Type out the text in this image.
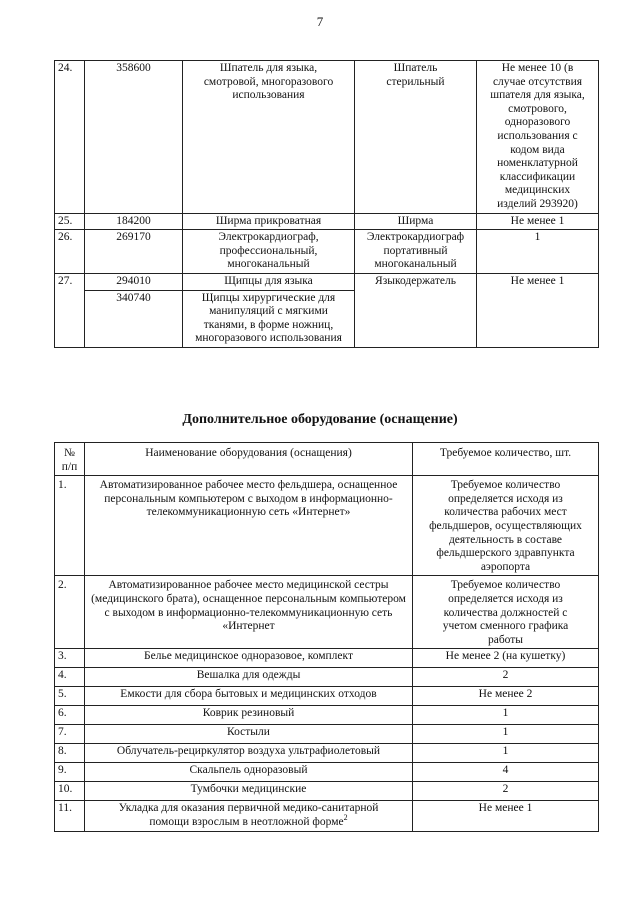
7
24.	358600	Шпатель для языка, смотровой, многоразового использования	Шпатель стерильный	Не менее 10 (в случае отсутствия шпателя для языка, смотрового, одноразового использования с кодом вида номенклатурной классификации медицинских изделий 293920)
25.	184200	Ширма прикроватная	Ширма	Не менее 1
26.	269170	Электрокардиограф, профессиональный, многоканальный	Электрокардиограф портативный многоканальный	1
27.	294010	Щипцы для языка	Языкодержатель	Не менее 1
	340740	Щипцы хирургические для манипуляций с мягкими тканями, в форме ножниц, многоразового использования		
Дополнительное оборудование (оснащение)
№
п/п	Наименование оборудования (оснащения)	Требуемое количество, шт.
1.	Автоматизированное рабочее место фельдшера, оснащенное персональным компьютером с выходом в информационно-телекоммуникационную сеть «Интернет»	Требуемое количество определяется исходя из количества рабочих мест фельдшеров, осуществляющих деятельность в составе фельдшерского здравпункта аэропорта
2.	Автоматизированное рабочее место медицинской сестры (медицинского брата), оснащенное персональным компьютером с выходом в информационно-телекоммуникационную сеть «Интернет	Требуемое количество определяется исходя из количества должностей с учетом сменного графика работы
3.	Белье медицинское одноразовое, комплект	Не менее 2 (на кушетку)
4.	Вешалка для одежды	2
5.	Емкости для сбора бытовых и медицинских отходов	Не менее 2
6.	Коврик резиновый	1
7.	Костыли	1
8.	Облучатель-рециркулятор воздуха ультрафиолетовый	1
9.	Скальпель одноразовый	4
10.	Тумбочки медицинские	2
11.	Укладка для оказания первичной медико-санитарной помощи взрослым в неотложной форме$^2$	Не менее 1
